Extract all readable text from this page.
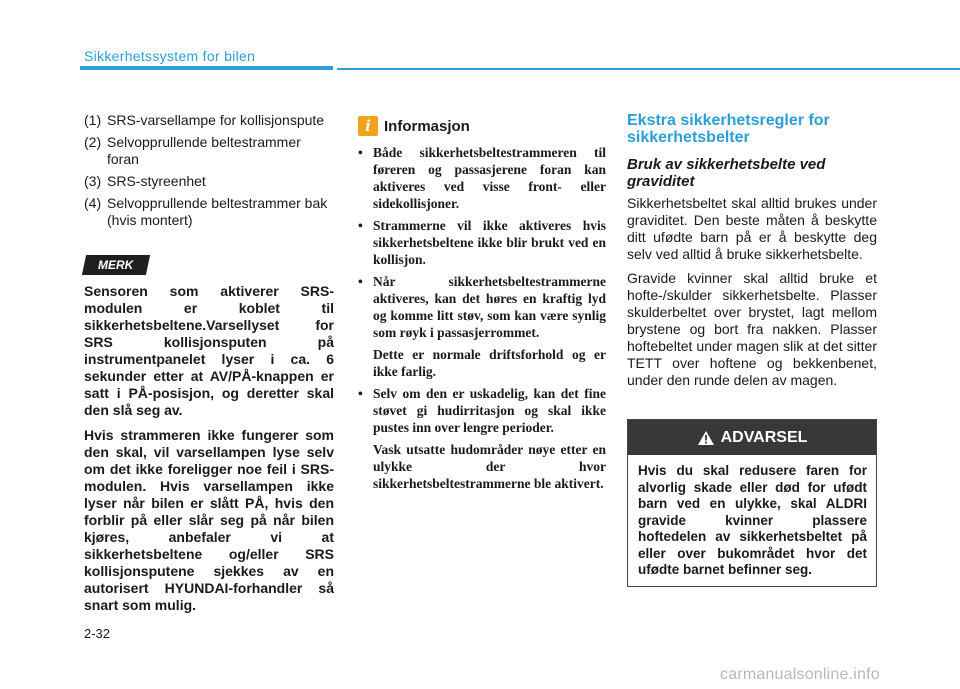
Sikkerhetssystem for bilen
(1) SRS-varsellampe for kollisjonspute
(2) Selvopprullende beltestrammer foran
(3) SRS-styreenhet
(4) Selvopprullende beltestrammer bak (hvis montert)
MERK

Sensoren som aktiverer SRS-modulen er koblet til sikkerhetsbeltene.Varsellyset for SRS kollisjonsputen på instrumentpanelet lyser i ca. 6 sekunder etter at AV/PÅ-knappen er satt i PÅ-posisjon, og deretter skal den slå seg av.

Hvis strammeren ikke fungerer som den skal, vil varsellampen lyse selv om det ikke foreligger noe feil i SRS-modulen. Hvis varsellampen ikke lyser når bilen er slått PÅ, hvis den forblir på eller slår seg på når bilen kjøres, anbefaler vi at sikkerhetsbeltene og/eller SRS kollisjonsputene sjekkes av en autorisert HYUNDAI-forhandler så snart som mulig.

i Informasjon
• Både sikkerhetsbeltestrammeren til føreren og passasjerene foran kan aktiveres ved visse front- eller sidekollisjoner.

• Strammerne vil ikke aktiveres hvis sikkerhetsbeltene ikke blir brukt ved en kollisjon.

• Når sikkerhetsbeltestrammerne aktiveres, kan det høres en kraftig lyd og komme litt støv, som kan være synlig som røyk i passasjerrommet.

Dette er normale driftsforhold og er ikke farlig.

• Selv om den er uskadelig, kan det fine støvet gi hudirritasjon og skal ikke pustes inn over lengre perioder.

Vask utsatte hudområder nøye etter en ulykke der hvor sikkerhetsbeltestrammerne ble aktivert.

Ekstra sikkerhetsregler for sikkerhetsbelter
Bruk av sikkerhetsbelte ved graviditet

Sikkerhetsbeltet skal alltid brukes under graviditet. Den beste måten å beskytte ditt ufødte barn på er å beskytte deg selv ved alltid å bruke sikkerhetsbelte.

Gravide kvinner skal alltid bruke et hofte-/skulder sikkerhetsbelte. Plasser skulderbeltet over brystet, lagt mellom brystene og bort fra nakken. Plasser hoftebeltet under magen slik at det sitter TETT over hoftene og bekkenbenet, under den runde delen av magen.

ADVARSEL
Hvis du skal redusere faren for alvorlig skade eller død for ufødt barn ved en ulykke, skal ALDRI gravide kvinner plassere hoftedelen av sikkerhetsbeltet på eller over bukområdet hvor det ufødte barnet befinner seg.
2-32
carmanualsonline.info
